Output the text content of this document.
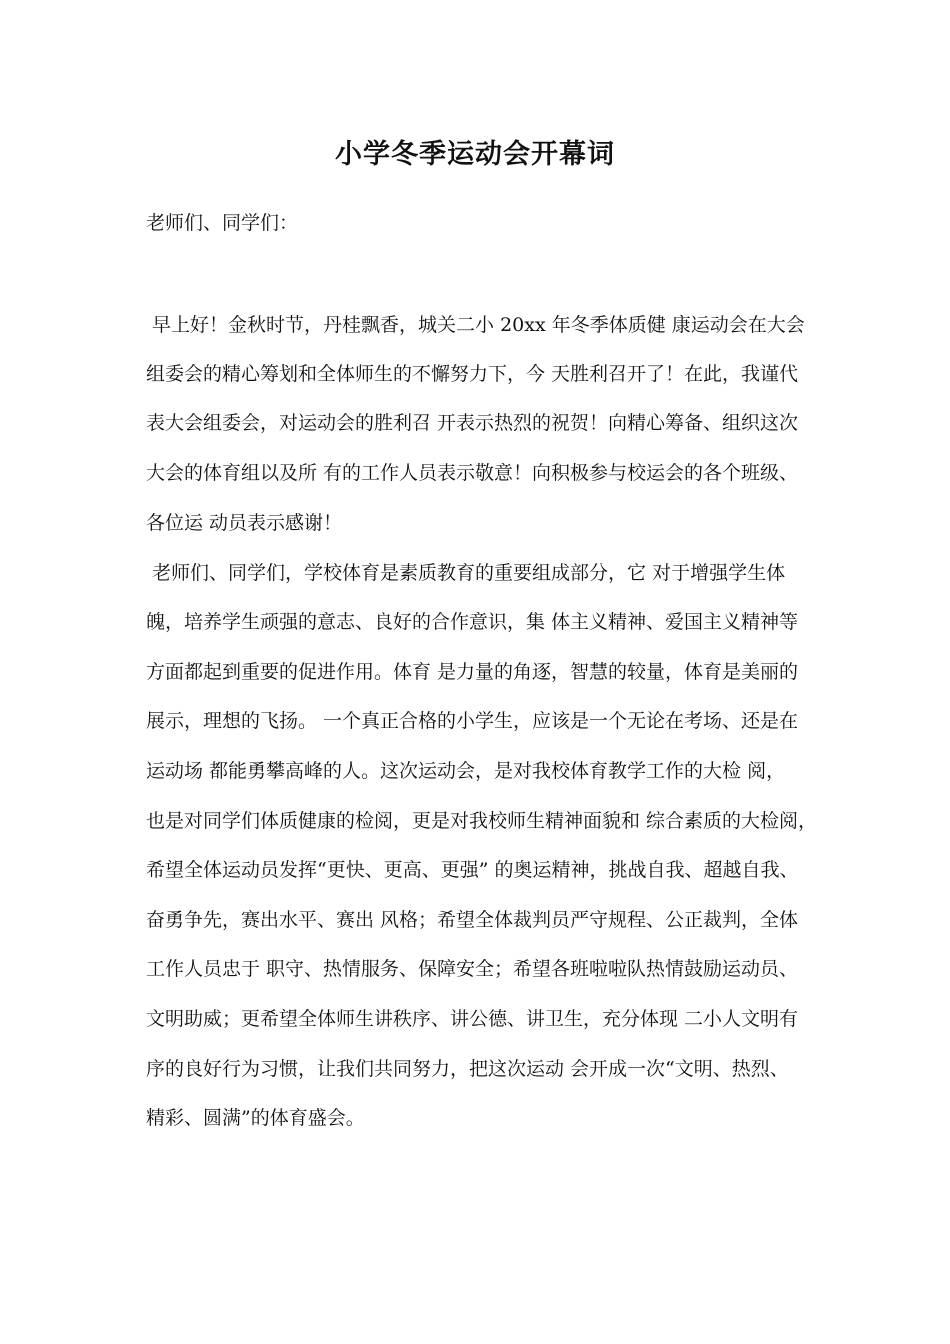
小学冬季运动会开幕词
老师们、同学们：
早上好！金秋时节，丹桂飘香，城关二小 20xx 年冬季体质健 康运动会在大会
组委会的精心筹划和全体师生的不懈努力下，今 天胜利召开了！在此，我谨代
表大会组委会，对运动会的胜利召 开表示热烈的祝贺！向精心筹备、组织这次
大会的体育组以及所 有的工作人员表示敬意！向积极参与校运会的各个班级、
各位运 动员表示感谢！
老师们、同学们，学校体育是素质教育的重要组成部分，它 对于增强学生体
魄，培养学生顽强的意志、良好的合作意识，集 体主义精神、爱国主义精神等
方面都起到重要的促进作用。体育 是力量的角逐，智慧的较量，体育是美丽的
展示，理想的飞扬。 一个真正合格的小学生，应该是一个无论在考场、还是在
运动场 都能勇攀高峰的人。这次运动会，是对我校体育教学工作的大检 阅，
也是对同学们体质健康的检阅，更是对我校师生精神面貌和 综合素质的大检阅，
希望全体运动员发挥“更快、更高、更强” 的奥运精神，挑战自我、超越自我、
奋勇争先，赛出水平、赛出 风格；希望全体裁判员严守规程、公正裁判，全体
工作人员忠于 职守、热情服务、保障安全；希望各班啦啦队热情鼓励运动员、
文明助威；更希望全体师生讲秩序、讲公德、讲卫生，充分体现 二小人文明有
序的良好行为习惯，让我们共同努力，把这次运动 会开成一次“文明、热烈、
精彩、圆满”的体育盛会。
